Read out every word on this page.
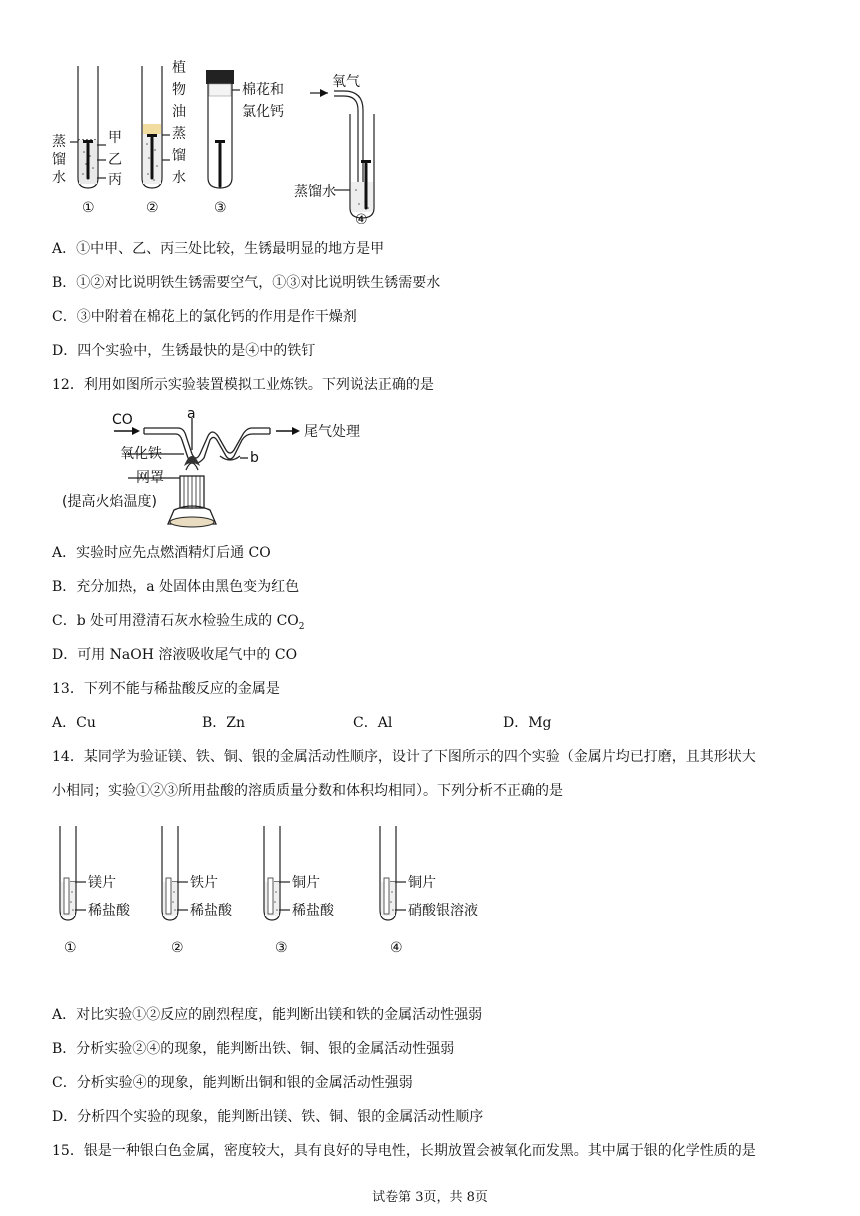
蒸
馏
水
甲
乙
丙
植
物
油
蒸
馏
水
棉花和
氯化钙
氧气
蒸馏水
①	②	③
④
A．①中甲、乙、丙三处比较，生锈最明显的地方是甲
B．①②对比说明铁生锈需要空气，①③对比说明铁生锈需要水
C．③中附着在棉花上的氯化钙的作用是作干燥剂
D．四个实验中，生锈最快的是④中的铁钉
12．利用如图所示实验装置模拟工业炼铁。下列说法正确的是
CO	a
尾气处理
b
氧化铁
网罩
(提高火焰温度)
A．实验时应先点燃酒精灯后通 CO
B．充分加热，a 处固体由黑色变为红色
C．b 处可用澄清石灰水检验生成的 $CO_2$
D．可用 NaOH 溶液吸收尾气中的 CO
13．下列不能与稀盐酸反应的金属是
A．Cu	B．Zn	C．Al	D．Mg
14．某同学为验证镁、铁、铜、银的金属活动性顺序，设计了下图所示的四个实验（金属片均已打磨，且其形状大
小相同；实验①②③所用盐酸的溶质质量分数和体积均相同）。下列分析不正确的是
镁片
稀盐酸
铁片
稀盐酸
铜片
稀盐酸
铜片
硝酸银溶液
①	②	③	④
A．对比实验①②反应的剧烈程度，能判断出镁和铁的金属活动性强弱
B．分析实验②④的现象，能判断出铁、铜、银的金属活动性强弱
C．分析实验④的现象，能判断出铜和银的金属活动性强弱
D．分析四个实验的现象，能判断出镁、铁、铜、银的金属活动性顺序
15．银是一种银白色金属，密度较大，具有良好的导电性，长期放置会被氧化而发黑。其中属于银的化学性质的是
试卷第 3页，共 8页
